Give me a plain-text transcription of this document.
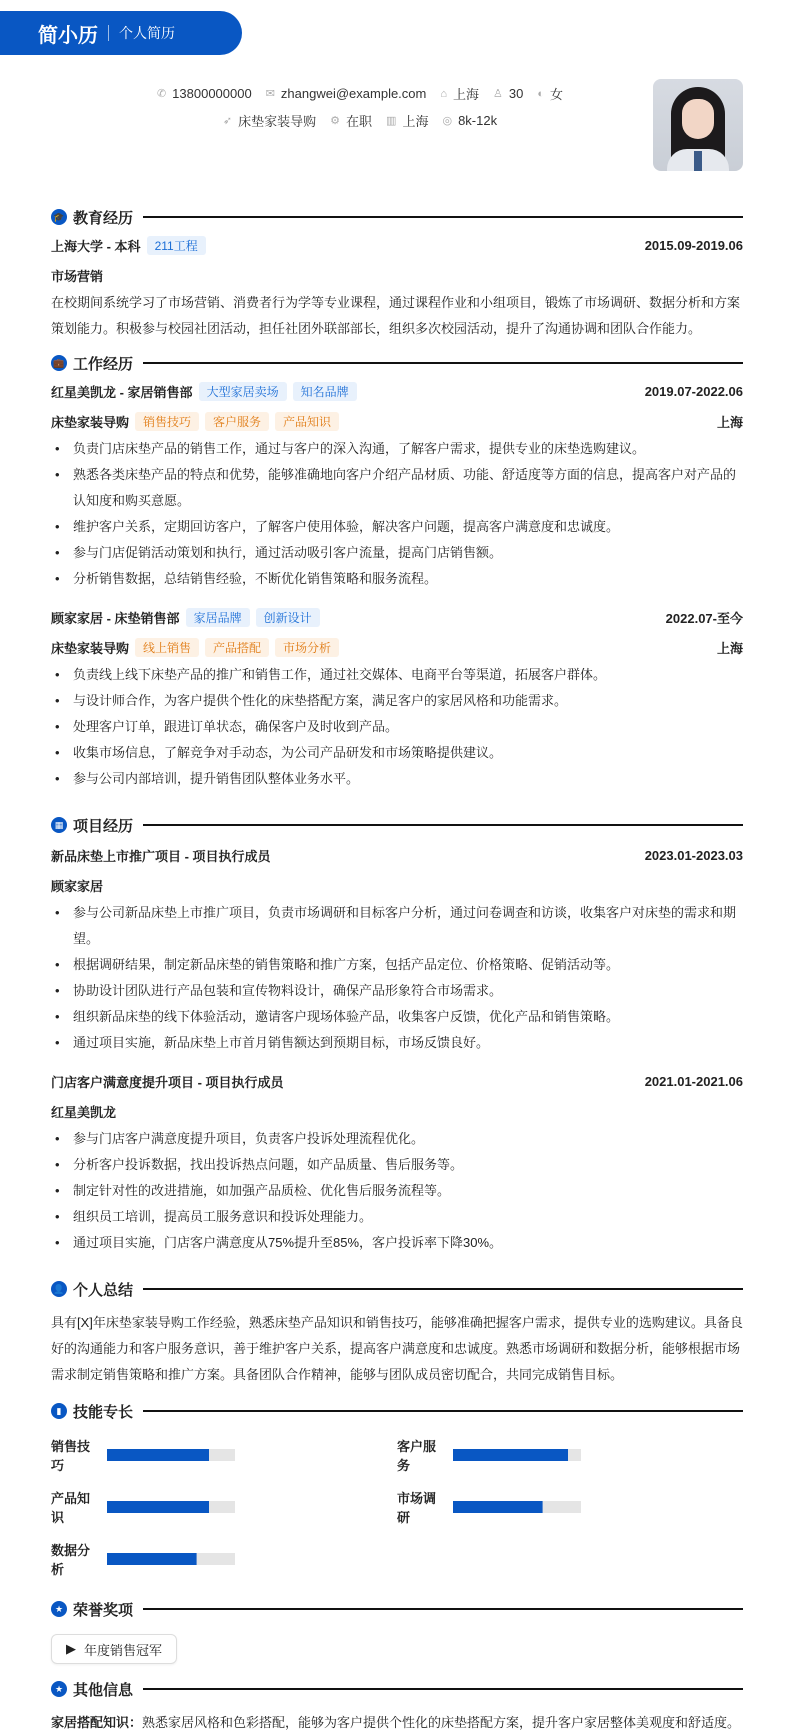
简小历 个人简历
✆ 13800000000 ✉ zhangwei@example.com ⌂ 上海 ♙ 30 ◐ 女
➶ 床垫家装导购 ⚙ 在职 ▥ 上海 ◎ 8k-12k
🎓 教育经历
上海大学 - 本科	211工程	2015.09-2019.06
市场营销

在校期间系统学习了市场营销、消费者行为学等专业课程，通过课程作业和小组项目，锻炼了市场调研、数据分析和方案策划能力。积极参与校园社团活动，担任社团外联部部长，组织多次校园活动，提升了沟通协调和团队合作能力。

💼 工作经历
红星美凯龙 - 家居销售部	大型家居卖场	知名品牌	2019.07-2022.06
床垫家装导购	销售技巧	客户服务	产品知识	上海
• 负责门店床垫产品的销售工作，通过与客户的深入沟通，了解客户需求，提供专业的床垫选购建议。
• 熟悉各类床垫产品的特点和优势，能够准确地向客户介绍产品材质、功能、舒适度等方面的信息，提高客户对产品的认知度和购买意愿。
• 维护客户关系，定期回访客户，了解客户使用体验，解决客户问题，提高客户满意度和忠诚度。
• 参与门店促销活动策划和执行，通过活动吸引客户流量，提高门店销售额。
• 分析销售数据，总结销售经验，不断优化销售策略和服务流程。
顾家家居 - 床垫销售部	家居品牌	创新设计	2022.07-至今
床垫家装导购	线上销售	产品搭配	市场分析	上海
• 负责线上线下床垫产品的推广和销售工作，通过社交媒体、电商平台等渠道，拓展客户群体。
• 与设计师合作，为客户提供个性化的床垫搭配方案，满足客户的家居风格和功能需求。
• 处理客户订单，跟进订单状态，确保客户及时收到产品。
• 收集市场信息，了解竞争对手动态，为公司产品研发和市场策略提供建议。
• 参与公司内部培训，提升销售团队整体业务水平。
▦ 项目经历
新品床垫上市推广项目 - 项目执行成员	2023.01-2023.03
顾家家居
• 参与公司新品床垫上市推广项目，负责市场调研和目标客户分析，通过问卷调查和访谈，收集客户对床垫的需求和期望。
• 根据调研结果，制定新品床垫的销售策略和推广方案，包括产品定位、价格策略、促销活动等。
• 协助设计团队进行产品包装和宣传物料设计，确保产品形象符合市场需求。
• 组织新品床垫的线下体验活动，邀请客户现场体验产品，收集客户反馈，优化产品和销售策略。
• 通过项目实施，新品床垫上市首月销售额达到预期目标，市场反馈良好。
门店客户满意度提升项目 - 项目执行成员	2021.01-2021.06
红星美凯龙
• 参与门店客户满意度提升项目，负责客户投诉处理流程优化。
• 分析客户投诉数据，找出投诉热点问题，如产品质量、售后服务等。
• 制定针对性的改进措施，如加强产品质检、优化售后服务流程等。
• 组织员工培训，提高员工服务意识和投诉处理能力。
• 通过项目实施，门店客户满意度从75%提升至85%，客户投诉率下降30%。
👤 个人总结

具有[X]年床垫家装导购工作经验，熟悉床垫产品知识和销售技巧，能够准确把握客户需求，提供专业的选购建议。具备良好的沟通能力和客户服务意识，善于维护客户关系，提高客户满意度和忠诚度。熟悉市场调研和数据分析，能够根据市场需求制定销售策略和推广方案。具备团队合作精神，能够与团队成员密切配合，共同完成销售目标。

▮ 技能专长
销售技巧
客户服务
产品知识
市场调研
数据分析
★ 荣誉奖项
▶ 年度销售冠军
★ 其他信息

家居搭配知识：熟悉家居风格和色彩搭配，能够为客户提供个性化的床垫搭配方案，提升客户家居整体美观度和舒适度。
